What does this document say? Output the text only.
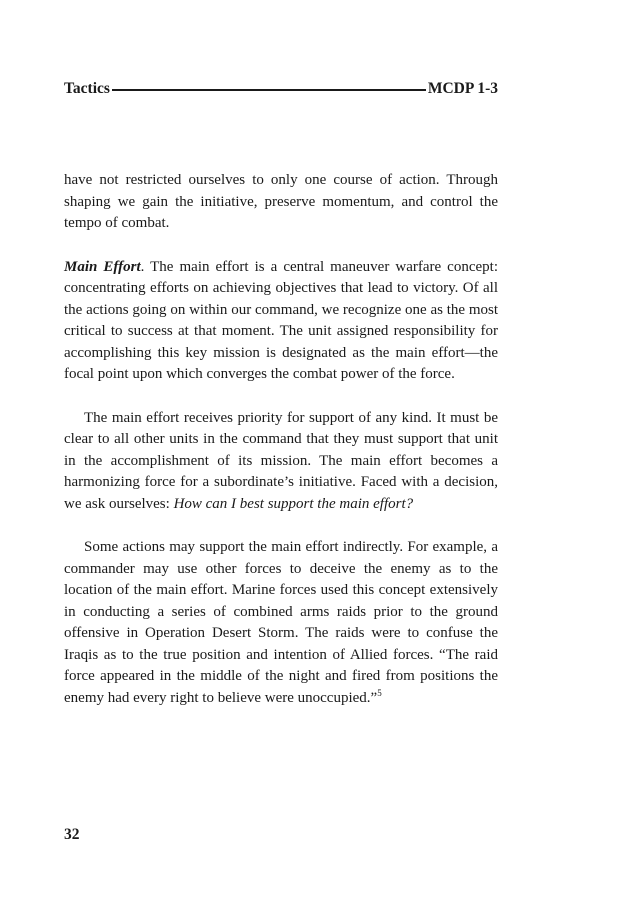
Tactics	MCDP 1-3

have not restricted ourselves to only one course of action. Through shaping we gain the initiative, preserve momentum, and control the tempo of combat.

Main Effort. The main effort is a central maneuver warfare concept: concentrating efforts on achieving objectives that lead to victory. Of all the actions going on within our command, we recognize one as the most critical to success at that moment. The unit assigned responsibility for accomplishing this key mission is designated as the main effort—the focal point upon which converges the combat power of the force.

The main effort receives priority for support of any kind. It must be clear to all other units in the command that they must support that unit in the accomplishment of its mission. The main effort becomes a harmonizing force for a subordinate’s initiative. Faced with a decision, we ask ourselves: How can I best support the main effort?

Some actions may support the main effort indirectly. For example, a commander may use other forces to deceive the enemy as to the location of the main effort. Marine forces used this concept extensively in conducting a series of combined arms raids prior to the ground offensive in Operation Desert Storm. The raids were to confuse the Iraqis as to the true position and intention of Allied forces. “The raid force appeared in the middle of the night and fired from positions the enemy had every right to believe were unoccupied.”$^5$

32
